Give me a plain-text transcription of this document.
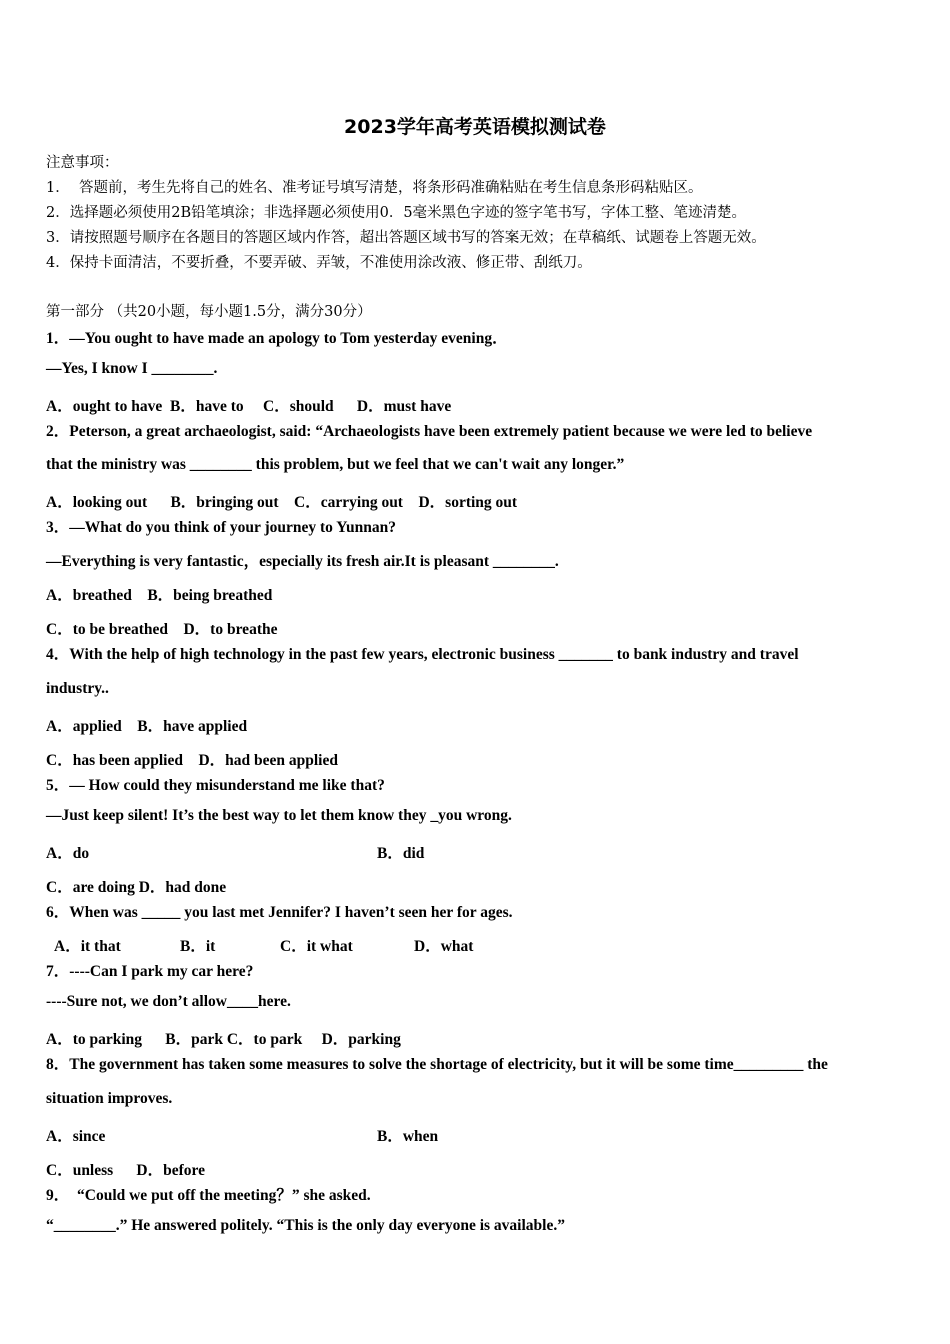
2023学年高考英语模拟测试卷
注意事项：
1．  答题前，考生先将自己的姓名、准考证号填写清楚，将条形码准确粘贴在考生信息条形码粘贴区。
2．选择题必须使用2B铅笔填涂；非选择题必须使用0．5毫米黑色字迹的签字笔书写，字体工整、笔迹清楚。
3．请按照题号顺序在各题目的答题区域内作答，超出答题区域书写的答案无效；在草稿纸、试题卷上答题无效。
4．保持卡面清洁，不要折叠，不要弄破、弄皱，不准使用涂改液、修正带、刮纸刀。
第一部分 （共20小题，每小题1.5分，满分30分）
1．—You ought to have made an apology to Tom yesterday evening．
—Yes, I know I ________.
A．ought to have  B．have to     C．should      D．must have
2．Peterson, a great archaeologist, said: “Archaeologists have been extremely patient because we were led to believe
that the ministry was ________ this problem, but we feel that we can't wait any longer.”
A．looking out      B．bringing out    C．carrying out    D．sorting out
3．—What do you think of your journey to Yunnan?
—Everything is very fantastic，especially its fresh air.It is pleasant ________.
A．breathed    B．being breathed
C．to be breathed    D．to breathe
4．With the help of high technology in the past few years, electronic business _______ to bank industry and travel
industry..
A．applied    B．have applied
C．has been applied    D．had been applied
5．— How could they misunderstand me like that?
—Just keep silent! It’s the best way to let them know they _you wrong.
A．do	B．did
C．are doing D．had done
6．When was _____ you last met Jennifer? I haven’t seen her for ages.
A．it that	B．it	C．it what	D．what
7．----Can I park my car here?
----Sure not, we don’t allow____here.
A．to parking      B．park C．to park     D．parking
8．The government has taken some measures to solve the shortage of electricity, but it will be some time_________ the
situation improves.
A．since	B．when
C．unless      D．before
9．  “Could we put off the meeting？” she asked.
“________.” He answered politely. “This is the only day everyone is available.”
